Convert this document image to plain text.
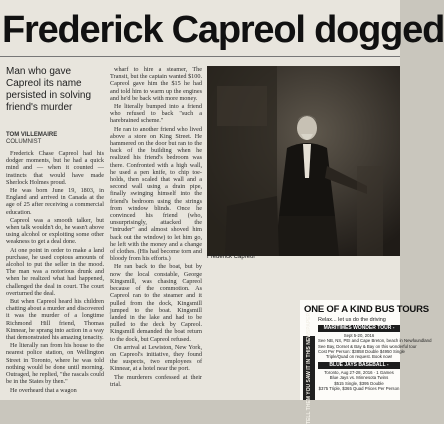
Frederick Capreol dogged
Man who gave Capreol its name persisted in solving friend's murder
TOM VILLEMAIRE
COLUMNIST

Frederick Chase Capreol had his dodger moments, but he had a quick mind and — when it counted — instincts that would have made Sherlock Holmes proud.

He was born June 19, 1803, in England and arrived in Canada at the age of 25 after receiving a commercial education.

Capreol was a smooth talker, but when talk wouldn't do, he wasn't above using alcohol or exploiting some other weakness to get a deal done.

At one point in order to make a land purchase, he used copious amounts of alcohol to put the seller in the mood. The man was a notorious drunk and when he realized what had happened, challenged the deal in court. The court overturned the deal.

But when Capreol heard his children chatting about a murder and discovered it was the murder of a longtime Richmond Hill friend, Thomas Kinnear, he sprang into action in a way that demonstrated his amazing tenacity.

He literally ran from his house to the nearest police station, on Wellington Street in Toronto, where he was told nothing would be done until morning. Outraged, he replied, "the rascals could be in the States by then."

He overheard that a wagon

wharf to hire a steamer, The Transit, but the captain wanted $100. Capreol gave him the $15 he had and told him to warm up the engines and he'd be back with more money.

He literally bumped into a friend who refused to back "such a harebrained scheme."

He ran to another friend who lived above a store on King Street. He hammered on the door but ran to the back of the building when he realized his friend's bedroom was there. Confronted with a high wall, he used a pen knife, to chip toe-holds, then scaled that wall and a second wall using a drain pipe, finally swinging himself into the friend's bedroom using the strings from window blinds. Once he convinced his friend (who, unsurprisingly, attacked the "intruder" and almost shoved him back out the window) to let him go, he left with the money and a change of clothes. (His had become torn and bloody from his efforts.)

He ran back to the boat, but by now the local constable, George Kingsmill, was chasing Capreol because of the commotion. As Capreol ran to the steamer and it pulled from the dock, Kingsmill jumped to the boat. Kingsmill landed in the lake and had to be pulled to the deck by Capreol. Kingsmill demanded the boat return to the dock, but Capreol refused.

On arrival at Lewiston, New York, on Capreol's initiative, they found the suspects, two employees of Kinnear, at a hotel near the port.

The murderers confessed at their trial.

Frederick Capreol
TELL THEM YOU SAW IT IN THIS NEWSPAPER
ONE OF A KIND BUS TOURS
Relax... let us do the driving
MARITIMES WONDER TOUR -
Sept 5-20, 2016
See NB, NS, PEI and Cape Breton, beach in Newfoundland
See Bay, Dorset & Bay & Bay on this wonderful tour
Cost Per Person: $3858 Double $4950 Single
Triple/Quad on request. Book now!
BLUE JAYS BASEBALL -
Toronto, Aug 27-28, 2016 · 1 Games
Blue Jays vs. Minnesota Twins
$515 Single, $395 Double
$375 Triple, $365 Quad Prices Per Person
